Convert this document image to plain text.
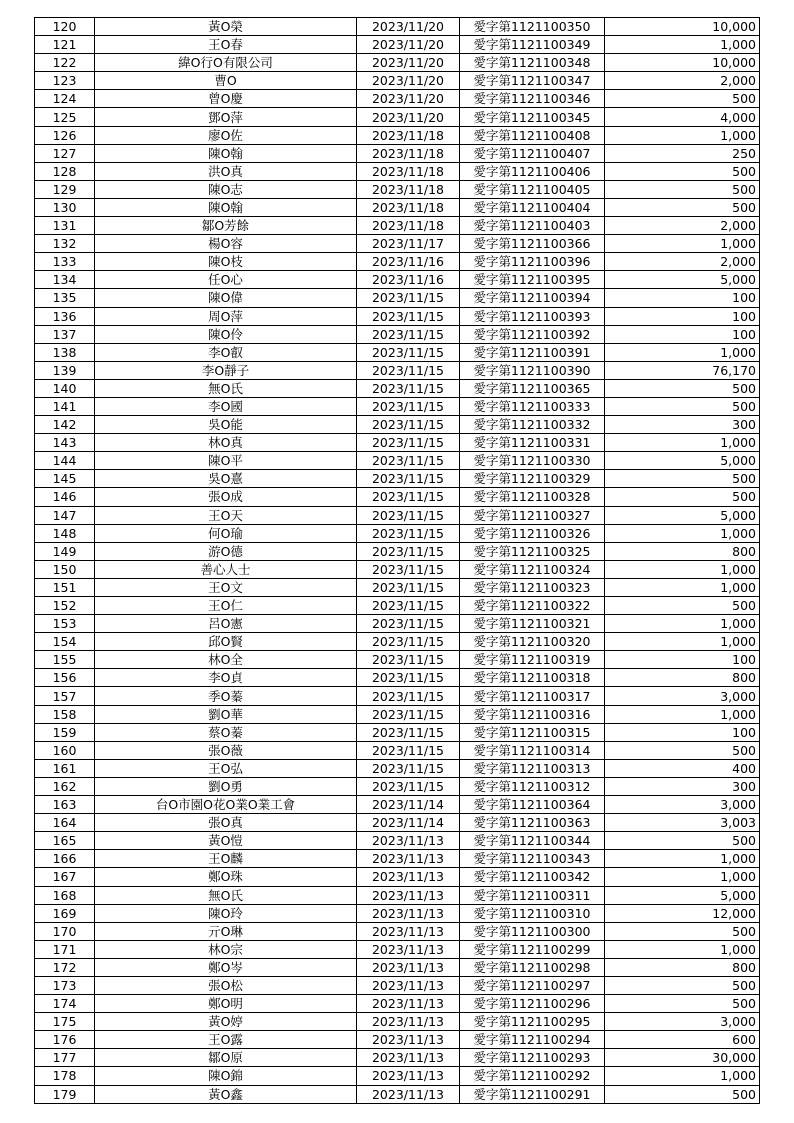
120	黃O榮	2023/11/20	愛字第1121100350	10,000
121	王O春	2023/11/20	愛字第1121100349	1,000
122	緯O行O有限公司	2023/11/20	愛字第1121100348	10,000
123	曹O	2023/11/20	愛字第1121100347	2,000
124	曾O慶	2023/11/20	愛字第1121100346	500
125	鄧O萍	2023/11/20	愛字第1121100345	4,000
126	廖O佐	2023/11/18	愛字第1121100408	1,000
127	陳O翰	2023/11/18	愛字第1121100407	250
128	洪O真	2023/11/18	愛字第1121100406	500
129	陳O志	2023/11/18	愛字第1121100405	500
130	陳O翰	2023/11/18	愛字第1121100404	500
131	鄒O芳餘	2023/11/18	愛字第1121100403	2,000
132	楊O容	2023/11/17	愛字第1121100366	1,000
133	陳O枝	2023/11/16	愛字第1121100396	2,000
134	任O心	2023/11/16	愛字第1121100395	5,000
135	陳O偉	2023/11/15	愛字第1121100394	100
136	周O萍	2023/11/15	愛字第1121100393	100
137	陳O伶	2023/11/15	愛字第1121100392	100
138	李O叡	2023/11/15	愛字第1121100391	1,000
139	李O靜子	2023/11/15	愛字第1121100390	76,170
140	無O氏	2023/11/15	愛字第1121100365	500
141	李O國	2023/11/15	愛字第1121100333	500
142	吳O能	2023/11/15	愛字第1121100332	300
143	林O真	2023/11/15	愛字第1121100331	1,000
144	陳O平	2023/11/15	愛字第1121100330	5,000
145	吳O憙	2023/11/15	愛字第1121100329	500
146	張O成	2023/11/15	愛字第1121100328	500
147	王O天	2023/11/15	愛字第1121100327	5,000
148	何O瑜	2023/11/15	愛字第1121100326	1,000
149	游O德	2023/11/15	愛字第1121100325	800
150	善心人士	2023/11/15	愛字第1121100324	1,000
151	王O文	2023/11/15	愛字第1121100323	1,000
152	王O仁	2023/11/15	愛字第1121100322	500
153	呂O憲	2023/11/15	愛字第1121100321	1,000
154	邱O賢	2023/11/15	愛字第1121100320	1,000
155	林O全	2023/11/15	愛字第1121100319	100
156	李O貞	2023/11/15	愛字第1121100318	800
157	季O蓁	2023/11/15	愛字第1121100317	3,000
158	劉O華	2023/11/15	愛字第1121100316	1,000
159	蔡O蓁	2023/11/15	愛字第1121100315	100
160	張O薇	2023/11/15	愛字第1121100314	500
161	王O弘	2023/11/15	愛字第1121100313	400
162	劉O勇	2023/11/15	愛字第1121100312	300
163	台O市園O花O業O業工會	2023/11/14	愛字第1121100364	3,000
164	張O真	2023/11/14	愛字第1121100363	3,003
165	黃O愷	2023/11/13	愛字第1121100344	500
166	王O麟	2023/11/13	愛字第1121100343	1,000
167	鄭O珠	2023/11/13	愛字第1121100342	1,000
168	無O氏	2023/11/13	愛字第1121100311	5,000
169	陳O玲	2023/11/13	愛字第1121100310	12,000
170	亓O琳	2023/11/13	愛字第1121100300	500
171	林O宗	2023/11/13	愛字第1121100299	1,000
172	鄭O岑	2023/11/13	愛字第1121100298	800
173	張O松	2023/11/13	愛字第1121100297	500
174	鄭O明	2023/11/13	愛字第1121100296	500
175	黃O婷	2023/11/13	愛字第1121100295	3,000
176	王O露	2023/11/13	愛字第1121100294	600
177	鄒O原	2023/11/13	愛字第1121100293	30,000
178	陳O錦	2023/11/13	愛字第1121100292	1,000
179	黃O鑫	2023/11/13	愛字第1121100291	500
